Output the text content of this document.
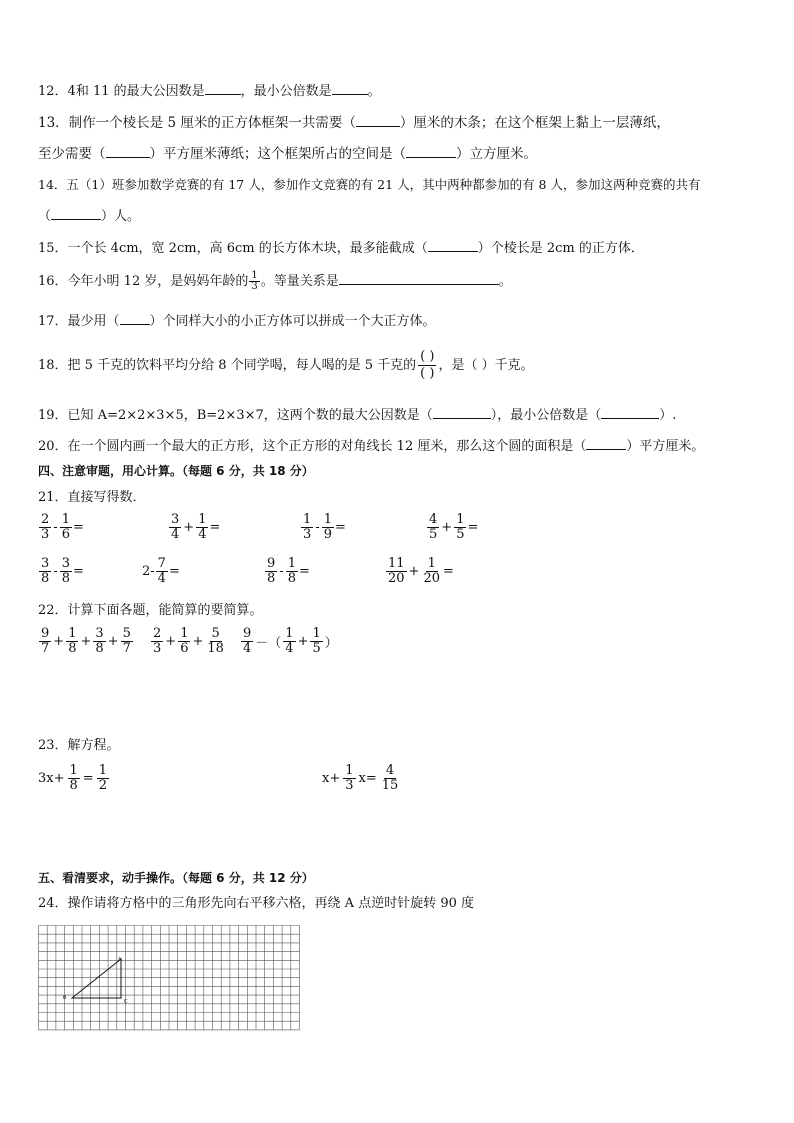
12．4和 11 的最大公因数是	，最小公倍数是	。
13．制作一个棱长是 5 厘米的正方体框架一共需要（	）厘米的木条；在这个框架上黏上一层薄纸，
至少需要（	）平方厘米薄纸；这个框架所占的空间是（	）立方厘米。
14．五（1）班参加数学竞赛的有 17 人，参加作文竞赛的有 21 人，其中两种都参加的有 8 人，参加这两种竞赛的共有
（	）人。
15．一个长 4cm，宽 2cm，高 6cm 的长方体木块，最多能截成（	）个棱长是 2cm 的正方体．
16．今年小明 12 岁，是妈妈年龄的 $\frac{1}{3}$ 。等量关系是	。
17．最少用（ ）个同样大小的小正方体可以拼成一个大正方体。
18．把 5 千克的饮料平均分给 8 个同学喝，每人喝的是 5 千克的 $\frac{( )}{( )}$ ，是（ ）千克。
19．已知 A=2×2×3×5，B=2×3×7，这两个数的最大公因数是（	），最小公倍数是（	）.
20．在一个圆内画一个最大的正方形，这个正方形的对角线长 12 厘米，那么这个圆的面积是（	）平方厘米。
四、注意审题，用心计算。（每题 6 分，共 18 分）
21．直接写得数．
$\frac{2}{3} - \frac{1}{6}$ =	$\frac{3}{4} + \frac{1}{4}$ =	$\frac{1}{3} - \frac{1}{9}$ =	$\frac{4}{5} + \frac{1}{5}$ =
$\frac{3}{8} - \frac{3}{8}$ =	$2- \frac{7}{4}$ =	$\frac{9}{8} - \frac{1}{8}$ =	$\frac{11}{20} + \frac{1}{20}$ =
22．计算下面各题，能简算的要简算。
$\frac{9}{7} + \frac{1}{8} + \frac{3}{8} + \frac{5}{7} \frac{2}{3} + \frac{1}{6} + \frac{5}{18} \frac{9}{4}$ －（ $\frac{1}{4} + \frac{1}{5}$ ）
23．解方程。
$3x+ \frac{1}{8} = \frac{1}{2}$	$x+ \frac{1}{3} x= \frac{4}{15}$
五、看清要求，动手操作。（每题 6 分，共 12 分）
24．操作请将方格中的三角形先向右平移六格，再绕 A 点逆时针旋转 90 度
A
B
C
